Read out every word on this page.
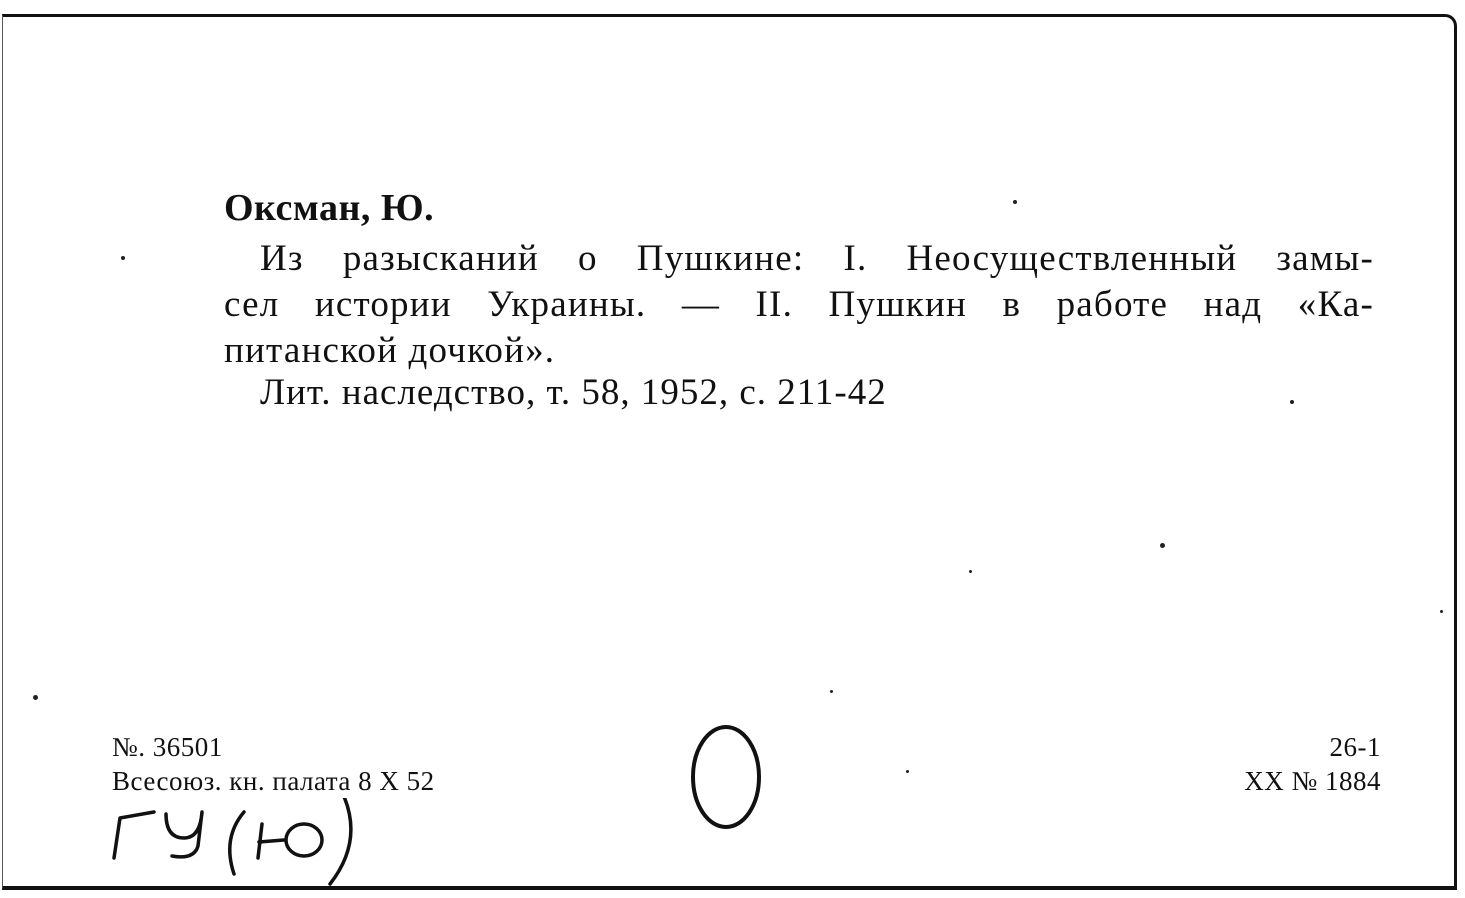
Оксман, Ю.
Из разысканий о Пушкине: I. Неосуществленный замы-
сел истории Украины. — II. Пушкин в работе над «Ка-
питанской дочкой».
Лит. наследство, т. 58, 1952, с. 211-42
№. 36501
Всесоюз. кн. палата 8 X 52
26-1
XX № 1884
